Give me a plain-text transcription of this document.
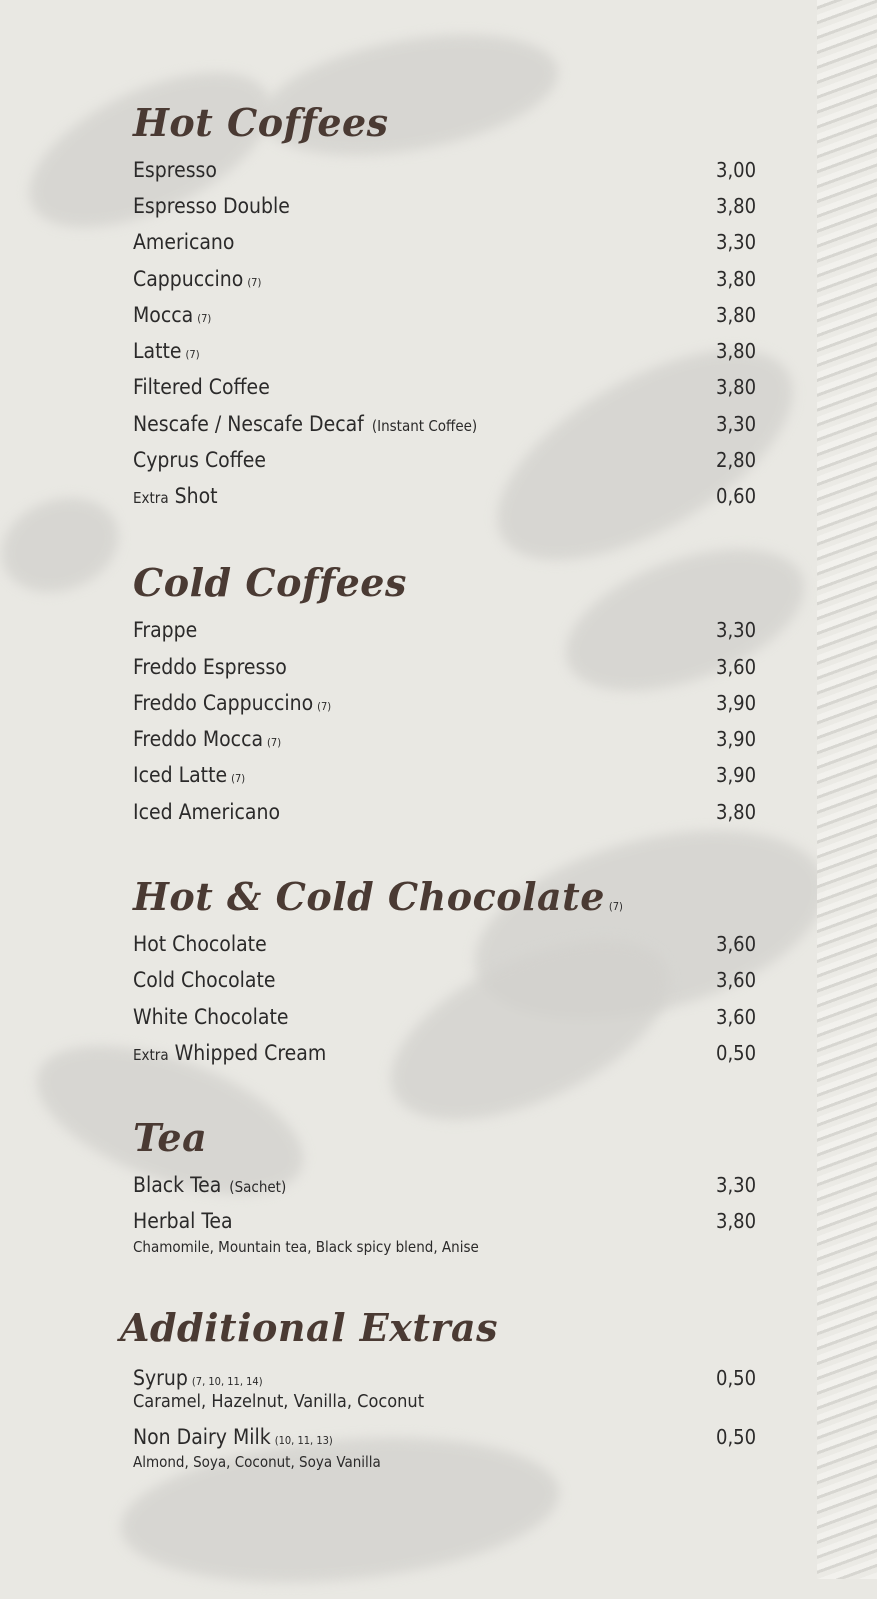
Hot Coffees
Espresso	3,00
Espresso Double	3,80
Americano	3,30
Cappuccino (7)	3,80
Mocca (7)	3,80
Latte (7)	3,80
Filtered Coffee	3,80
Nescafe / Nescafe Decaf (Instant Coffee)	3,30
Cyprus Coffee	2,80
Extra Shot	0,60
Cold Coffees
Frappe	3,30
Freddo Espresso	3,60
Freddo Cappuccino (7)	3,90
Freddo Mocca (7)	3,90
Iced Latte (7)	3,90
Iced Americano	3,80
Hot & Cold Chocolate (7)
Hot Chocolate	3,60
Cold Chocolate	3,60
White Chocolate	3,60
Extra Whipped Cream	0,50
Tea
Black Tea (Sachet)	3,30
Herbal Tea	3,80
Chamomile, Mountain tea, Black spicy blend, Anise
Additional Extras
Syrup (7, 10, 11, 14)	0,50
Caramel, Hazelnut, Vanilla, Coconut
Non Dairy Milk (10, 11, 13)	0,50
Almond, Soya, Coconut, Soya Vanilla
